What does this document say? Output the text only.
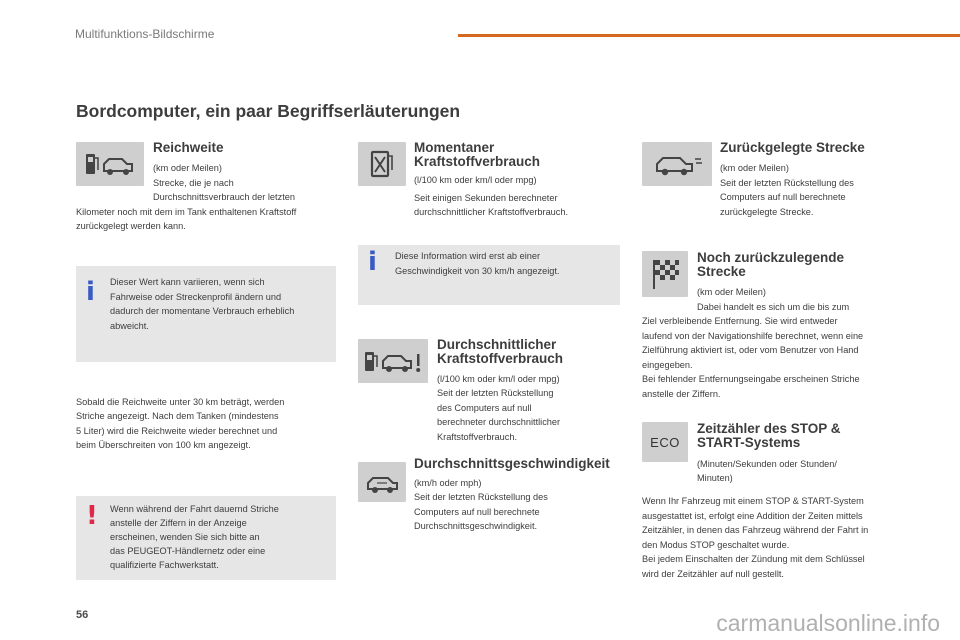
Multifunktions-Bildschirme
Bordcomputer, ein paar Begriffserläuterungen
Reichweite
(km oder Meilen)
Strecke, die je nach
Durchschnittsverbrauch der letzten
Kilometer noch mit dem im Tank enthaltenen Kraftstoff
zurückgelegt werden kann.
i Dieser Wert kann variieren, wenn sich
Fahrweise oder Streckenprofil ändern und
dadurch der momentane Verbrauch erheblich
abweicht.
Sobald die Reichweite unter 30 km beträgt, werden
Striche angezeigt. Nach dem Tanken (mindestens
5 Liter) wird die Reichweite wieder berechnet und
beim Überschreiten von 100 km angezeigt.
! Wenn während der Fahrt dauernd Striche
anstelle der Ziffern in der Anzeige
erscheinen, wenden Sie sich bitte an
das PEUGEOT-Händlernetz oder eine
qualifizierte Fachwerkstatt.
Momentaner
Kraftstoffverbrauch
(l/100 km oder km/l oder mpg)
Seit einigen Sekunden berechneter
durchschnittlicher Kraftstoffverbrauch.
i Diese Information wird erst ab einer
Geschwindigkeit von 30 km/h angezeigt.
Durchschnittlicher
Kraftstoffverbrauch
(l/100 km oder km/l oder mpg)
Seit der letzten Rückstellung
des Computers auf null
berechneter durchschnittlicher
Kraftstoffverbrauch.
Durchschnittsgeschwindigkeit
(km/h oder mph)
Seit der letzten Rückstellung des
Computers auf null berechnete
Durchschnittsgeschwindigkeit.
Zurückgelegte Strecke
(km oder Meilen)
Seit der letzten Rückstellung des
Computers auf null berechnete
zurückgelegte Strecke.
Noch zurückzulegende
Strecke
(km oder Meilen)
Dabei handelt es sich um die bis zum
Ziel verbleibende Entfernung. Sie wird entweder
laufend von der Navigationshilfe berechnet, wenn eine
Zielführung aktiviert ist, oder vom Benutzer von Hand
eingegeben.
Bei fehlender Entfernungseingabe erscheinen Striche
anstelle der Ziffern.
ECO
Zeitzähler des STOP &
START-Systems
(Minuten/Sekunden oder Stunden/
Minuten)
Wenn Ihr Fahrzeug mit einem STOP & START-System
ausgestattet ist, erfolgt eine Addition der Zeiten mittels
Zeitzähler, in denen das Fahrzeug während der Fahrt in
den Modus STOP geschaltet wurde.
Bei jedem Einschalten der Zündung mit dem Schlüssel
wird der Zeitzähler auf null gestellt.
56	carmanualsonline.info
